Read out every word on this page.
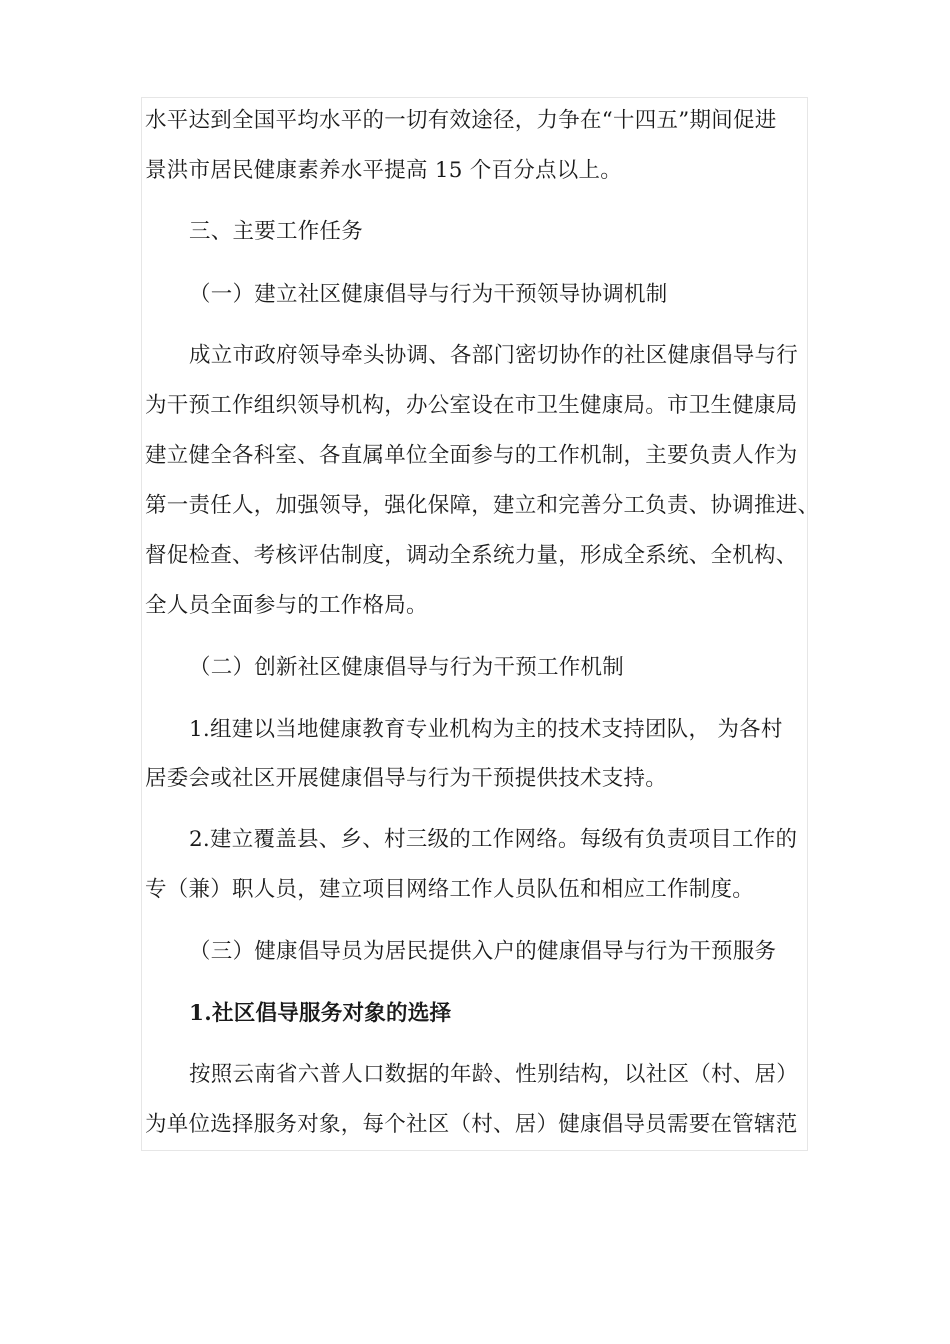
水平达到全国平均水平的一切有效途径，力争在“十四五”期间促进
景洪市居民健康素养水平提高 15 个百分点以上。
三、主要工作任务
（一）建立社区健康倡导与行为干预领导协调机制
成立市政府领导牵头协调、各部门密切协作的社区健康倡导与行
为干预工作组织领导机构，办公室设在市卫生健康局。市卫生健康局
建立健全各科室、各直属单位全面参与的工作机制，主要负责人作为
第一责任人，加强领导，强化保障，建立和完善分工负责、协调推进、
督促检查、考核评估制度，调动全系统力量，形成全系统、全机构、
全人员全面参与的工作格局。
（二）创新社区健康倡导与行为干预工作机制
1.组建以当地健康教育专业机构为主的技术支持团队， 为各村
居委会或社区开展健康倡导与行为干预提供技术支持。
2.建立覆盖县、乡、村三级的工作网络。每级有负责项目工作的
专（兼）职人员，建立项目网络工作人员队伍和相应工作制度。
（三）健康倡导员为居民提供入户的健康倡导与行为干预服务
1.社区倡导服务对象的选择
按照云南省六普人口数据的年龄、性别结构，以社区（村、居）
为单位选择服务对象，每个社区（村、居）健康倡导员需要在管辖范
